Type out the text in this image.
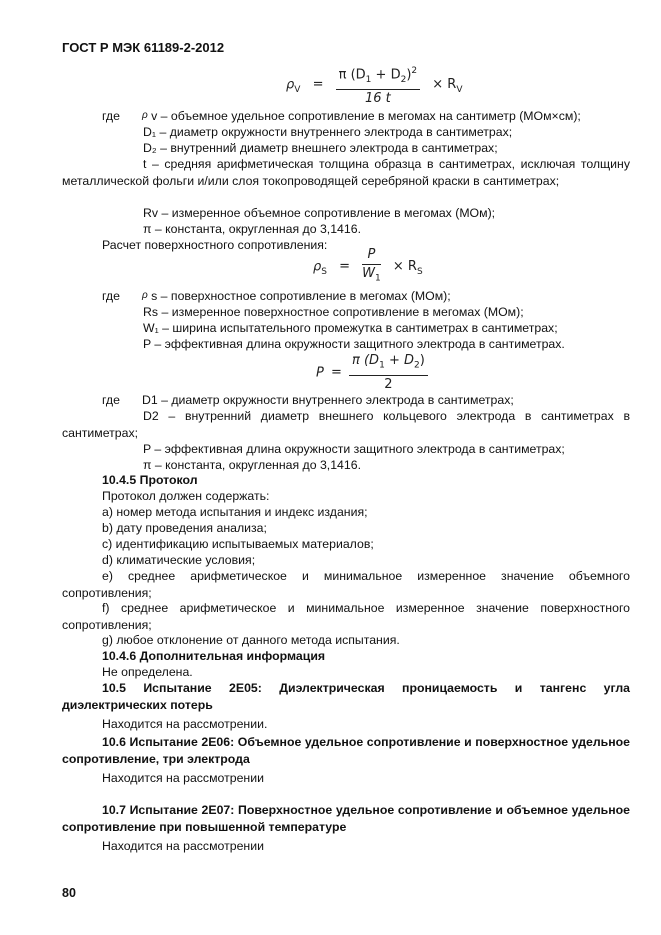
ГОСТ Р МЭК 61189-2-2012
$\rho_V = \frac{\pi (D_1 + D_2)^2}{16 t} \times R_V$
где $^\rho$ v – объемное удельное сопротивление в мегомах на сантиметр (МОм×см);
D₁ – диаметр окружности внутреннего электрода в сантиметрах;
D₂ – внутренний диаметр внешнего электрода в сантиметрах;
t – средняя арифметическая толщина образца в сантиметрах, исключая толщину металлической фольги и/или слоя токопроводящей серебряной краски в сантиметрах;
Rv – измеренное объемное сопротивление в мегомах (МОм);
π – константа, округленная до 3,1416.
Расчет поверхностного сопротивления:
$\rho_S = \frac{P}{W_1} \times R_S$
где $^\rho$ s – поверхностное сопротивление в мегомах (МОм);
Rs – измеренное поверхностное сопротивление в мегомах (МОм);
W₁ – ширина испытательного промежутка в сантиметрах в сантиметрах;
P – эффективная длина окружности защитного электрода в сантиметрах.
$P = \frac{\pi (D_1 + D_2)}{2}$
где D1 – диаметр окружности внутреннего электрода в сантиметрах;
D2 – внутренний диаметр внешнего кольцевого электрода в сантиметрах в сантиметрах;
P – эффективная длина окружности защитного электрода в сантиметрах;
π – константа, округленная до 3,1416.
10.4.5 Протокол
Протокол должен содержать:
а) номер метода испытания и индекс издания;
b) дату проведения анализа;
c) идентификацию испытываемых материалов;
d) климатические условия;
e) среднее арифметическое и минимальное измеренное значение объемного сопротивления;
f) среднее арифметическое и минимальное измеренное значение поверхностного сопротивления;
g) любое отклонение от данного метода испытания.
10.4.6 Дополнительная информация
Не определена.
10.5 Испытание 2Е05: Диэлектрическая проницаемость и тангенс угла диэлектрических потерь
Находится на рассмотрении.
10.6 Испытание 2Е06: Объемное удельное сопротивление и поверхностное удельное сопротивление, три электрода
Находится на рассмотрении
10.7 Испытание 2Е07: Поверхностное удельное сопротивление и объемное удельное сопротивление при повышенной температуре
Находится на рассмотрении
80
